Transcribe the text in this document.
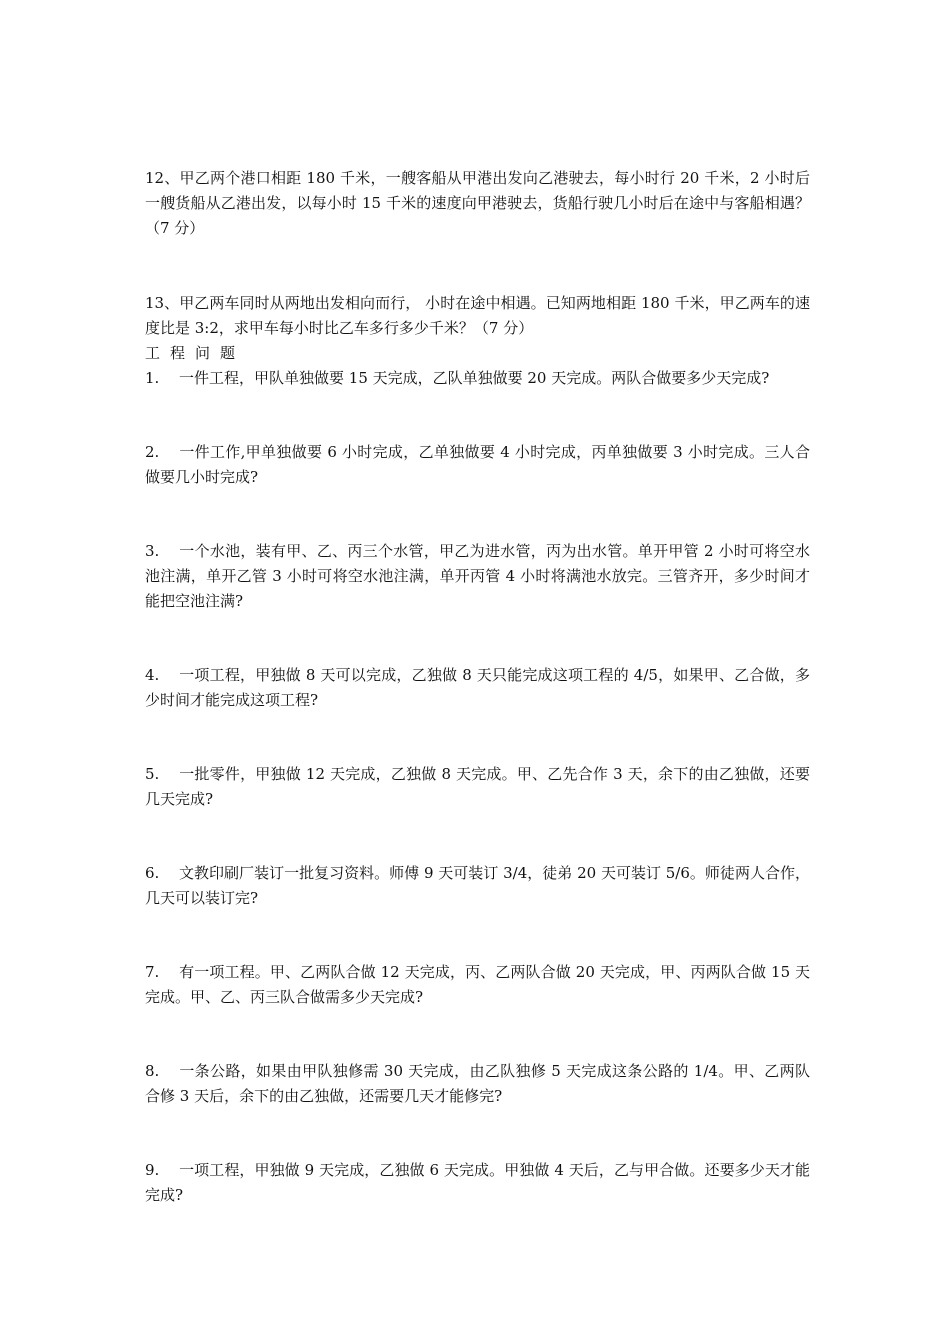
12、甲乙两个港口相距 180 千米，一艘客船从甲港出发向乙港驶去，每小时行 20 千米，2 小时后一艘货船从乙港出发，以每小时 15 千米的速度向甲港驶去，货船行驶几小时后在途中与客船相遇？（7 分）

13、甲乙两车同时从两地出发相向而行， 小时在途中相遇。已知两地相距 180 千米，甲乙两车的速度比是 3:2，求甲车每小时比乙车多行多少千米？（7 分）

工程问题

1. 一件工程，甲队单独做要 15 天完成，乙队单独做要 20 天完成。两队合做要多少天完成?

2. 一件工作,甲单独做要 6 小时完成，乙单独做要 4 小时完成，丙单独做要 3 小时完成。三人合做要几小时完成?

3. 一个水池，装有甲、乙、丙三个水管，甲乙为进水管，丙为出水管。单开甲管 2 小时可将空水池注满，单开乙管 3 小时可将空水池注满，单开丙管 4 小时将满池水放完。三管齐开，多少时间才能把空池注满?

4. 一项工程，甲独做 8 天可以完成，乙独做 8 天只能完成这项工程的 4/5，如果甲、乙合做，多少时间才能完成这项工程?

5. 一批零件，甲独做 12 天完成，乙独做 8 天完成。甲、乙先合作 3 天，余下的由乙独做，还要几天完成?

6. 文教印刷厂装订一批复习资料。师傅 9 天可装订 3/4，徒弟 20 天可装订 5/6。师徒两人合作，几天可以装订完?

7. 有一项工程。甲、乙两队合做 12 天完成，丙、乙两队合做 20 天完成，甲、丙两队合做 15 天完成。甲、乙、丙三队合做需多少天完成?

8. 一条公路，如果由甲队独修需 30 天完成，由乙队独修 5 天完成这条公路的 1/4。甲、乙两队合修 3 天后，余下的由乙独做，还需要几天才能修完?

9. 一项工程，甲独做 9 天完成，乙独做 6 天完成。甲独做 4 天后，乙与甲合做。还要多少天才能完成?
